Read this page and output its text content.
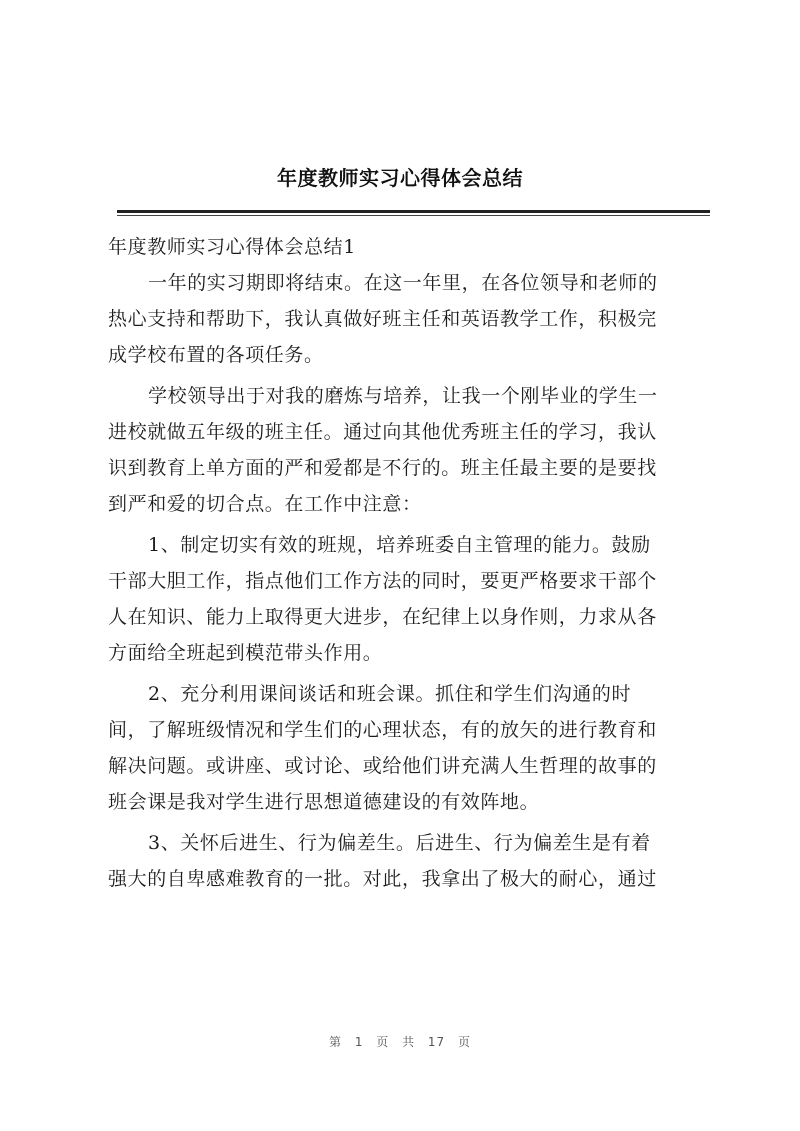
年度教师实习心得体会总结
年度教师实习心得体会总结1
一年的实习期即将结束。在这一年里，在各位领导和老师的
热心支持和帮助下，我认真做好班主任和英语教学工作，积极完
成学校布置的各项任务。
学校领导出于对我的磨炼与培养，让我一个刚毕业的学生一
进校就做五年级的班主任。通过向其他优秀班主任的学习，我认
识到教育上单方面的严和爱都是不行的。班主任最主要的是要找
到严和爱的切合点。在工作中注意：
1、制定切实有效的班规，培养班委自主管理的能力。鼓励
干部大胆工作，指点他们工作方法的同时，要更严格要求干部个
人在知识、能力上取得更大进步，在纪律上以身作则，力求从各
方面给全班起到模范带头作用。
2、充分利用课间谈话和班会课。抓住和学生们沟通的时
间，了解班级情况和学生们的心理状态，有的放矢的进行教育和
解决问题。或讲座、或讨论、或给他们讲充满人生哲理的故事的
班会课是我对学生进行思想道德建设的有效阵地。
3、关怀后进生、行为偏差生。后进生、行为偏差生是有着
强大的自卑感难教育的一批。对此，我拿出了极大的耐心，通过
第 1 页 共 17 页
